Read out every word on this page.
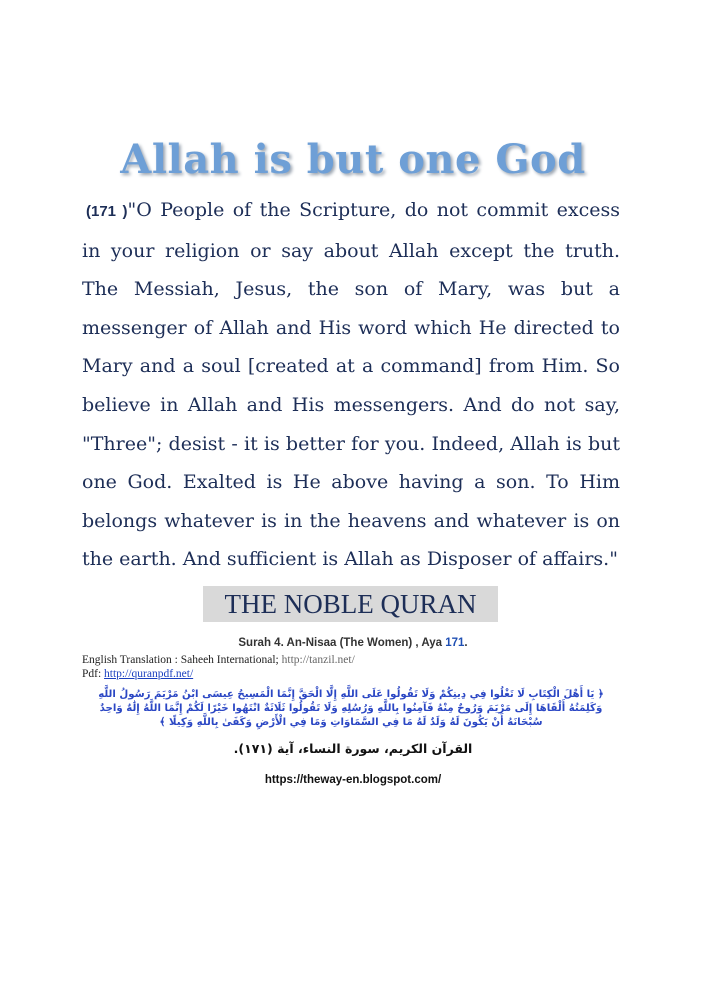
Allah is but one God

(171 )"O People of the Scripture, do not commit excess in your religion or say about Allah except the truth. The Messiah, Jesus, the son of Mary, was but a messenger of Allah and His word which He directed to Mary and a soul [created at a command] from Him. So believe in Allah and His messengers. And do not say, "Three"; desist - it is better for you. Indeed, Allah is but one God. Exalted is He above having a son. To Him belongs whatever is in the heavens and whatever is on the earth. And sufficient is Allah as Disposer of affairs."

THE NOBLE QURAN
Surah 4. An-Nisaa (The Women) , Aya 171.
English Translation : Saheeh International; http://tanzil.net/
Pdf: http://quranpdf.net/

﴿ يَا أَهْلَ الْكِتَابِ لَا تَغْلُوا فِي دِينِكُمْ وَلَا تَقُولُوا عَلَى اللَّهِ إِلَّا الْحَقَّ إِنَّمَا الْمَسِيحُ عِيسَى ابْنُ مَرْيَمَ رَسُولُ اللَّهِ وَكَلِمَتُهُ أَلْقَاهَا إِلَى مَرْيَمَ وَرُوحٌ مِنْهُ فَآمِنُوا بِاللَّهِ وَرُسُلِهِ وَلَا تَقُولُوا ثَلَاثَةٌ انْتَهُوا خَيْرًا لَكُمْ إِنَّمَا اللَّهُ إِلَٰهٌ وَاحِدٌ سُبْحَانَهُ أَنْ يَكُونَ لَهُ وَلَدٌ لَهُ مَا فِي السَّمَاوَاتِ وَمَا فِي الْأَرْضِ وَكَفَىٰ بِاللَّهِ وَكِيلًا ﴾

القرآن الكريم، سورة النساء، آية (١٧١).
https://theway-en.blogspot.com/
